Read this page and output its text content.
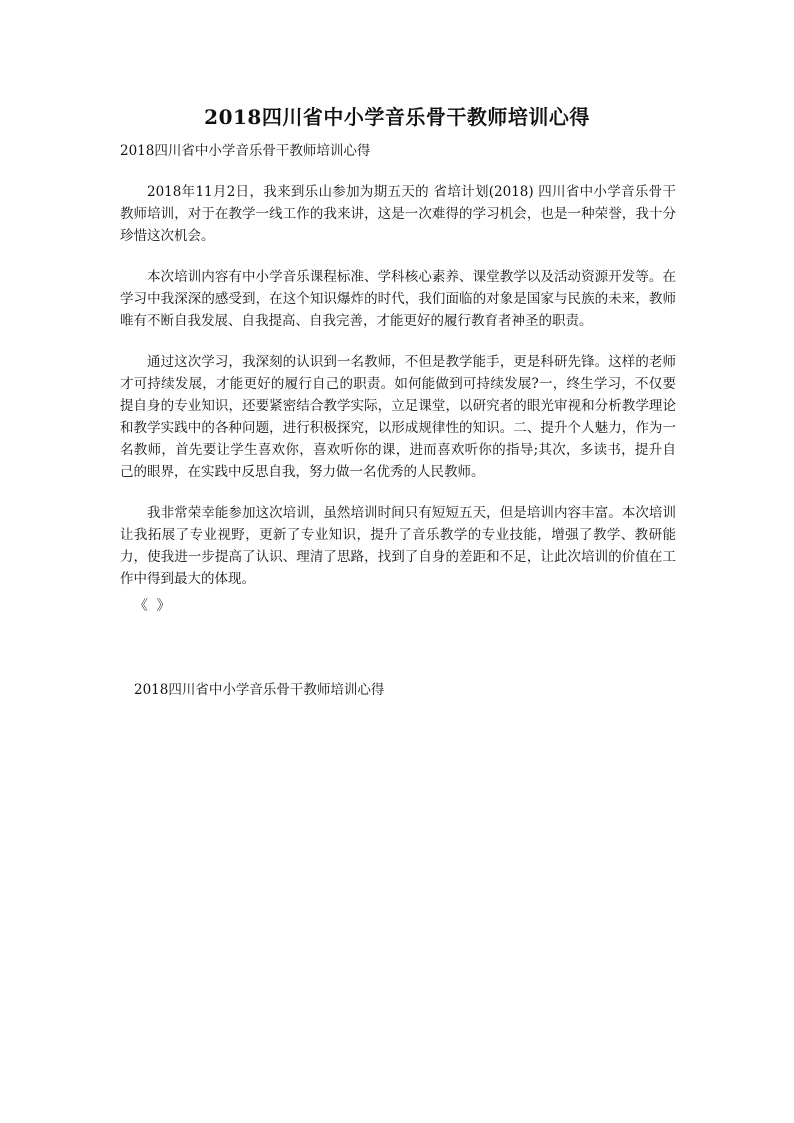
2018四川省中小学音乐骨干教师培训心得
2018四川省中小学音乐骨干教师培训心得

2018年11月2日，我来到乐山参加为期五天的 省培计划(2018) 四川省中小学音乐骨干教师培训，对于在教学一线工作的我来讲，这是一次难得的学习机会，也是一种荣誉，我十分珍惜这次机会。

本次培训内容有中小学音乐课程标准、学科核心素养、课堂教学以及活动资源开发等。在学习中我深深的感受到，在这个知识爆炸的时代，我们面临的对象是国家与民族的未来，教师唯有不断自我发展、自我提高、自我完善，才能更好的履行教育者神圣的职责。

通过这次学习，我深刻的认识到一名教师，不但是教学能手，更是科研先锋。这样的老师才可持续发展，才能更好的履行自己的职责。如何能做到可持续发展?一，终生学习，不仅要提自身的专业知识，还要紧密结合教学实际，立足课堂，以研究者的眼光审视和分析教学理论和教学实践中的各种问题，进行积极探究，以形成规律性的知识。二、提升个人魅力，作为一名教师，首先要让学生喜欢你，喜欢听你的课，进而喜欢听你的指导;其次，多读书，提升自己的眼界，在实践中反思自我，努力做一名优秀的人民教师。

我非常荣幸能参加这次培训，虽然培训时间只有短短五天，但是培训内容丰富。本次培训让我拓展了专业视野，更新了专业知识，提升了音乐教学的专业技能，增强了教学、教研能力，使我进一步提高了认识、理清了思路，找到了自身的差距和不足，让此次培训的价值在工作中得到最大的体现。

《 》
2018四川省中小学音乐骨干教师培训心得
